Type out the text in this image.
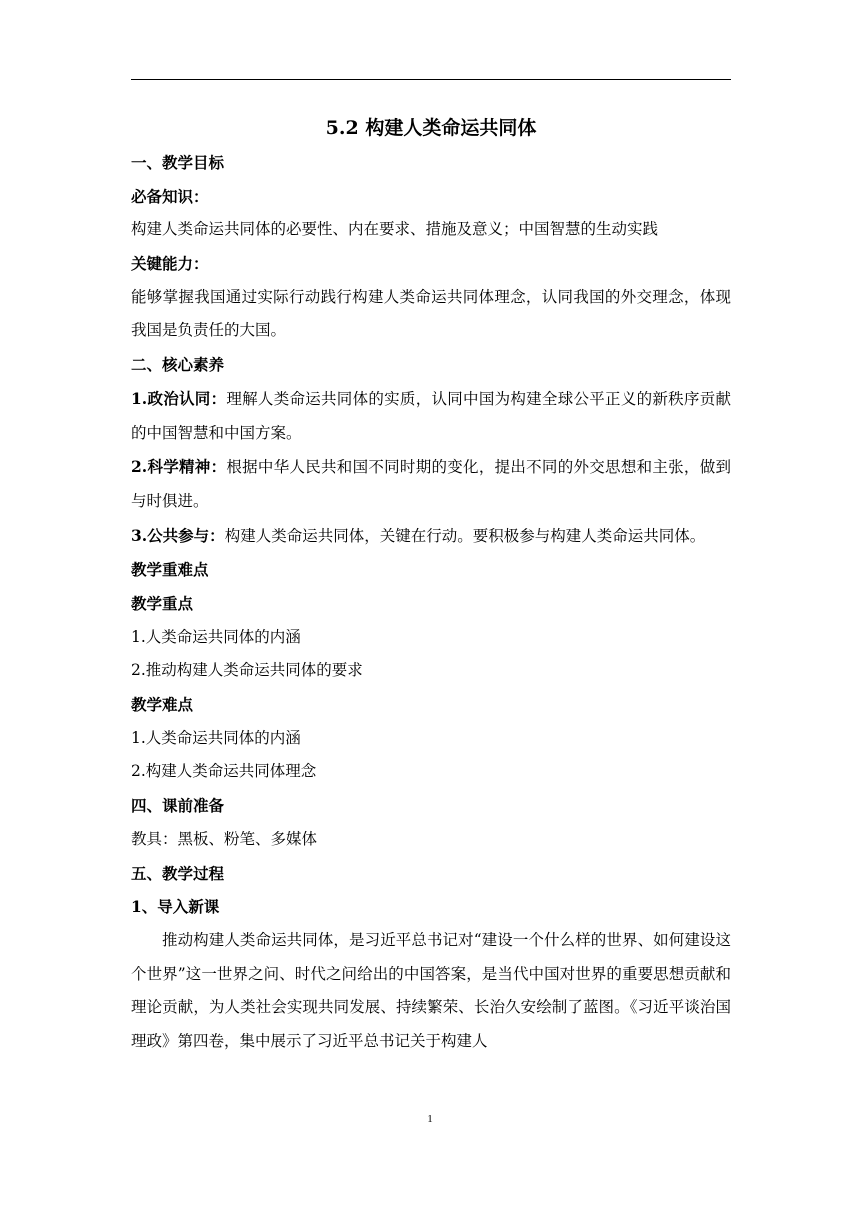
5.2 构建人类命运共同体
一、教学目标
必备知识：
构建人类命运共同体的必要性、内在要求、措施及意义；中国智慧的生动实践
关键能力：
能够掌握我国通过实际行动践行构建人类命运共同体理念，认同我国的外交理念，体现我国是负责任的大国。
二、核心素养
1.政治认同：理解人类命运共同体的实质，认同中国为构建全球公平正义的新秩序贡献的中国智慧和中国方案。
2.科学精神：根据中华人民共和国不同时期的变化，提出不同的外交思想和主张，做到与时俱进。
3.公共参与：构建人类命运共同体，关键在行动。要积极参与构建人类命运共同体。
教学重难点
教学重点
1.人类命运共同体的内涵
2.推动构建人类命运共同体的要求
教学难点
1.人类命运共同体的内涵
2.构建人类命运共同体理念
四、课前准备
教具：黑板、粉笔、多媒体
五、教学过程
1、导入新课
推动构建人类命运共同体，是习近平总书记对“建设一个什么样的世界、如何建设这个世界”这一世界之问、时代之问给出的中国答案，是当代中国对世界的重要思想贡献和理论贡献，为人类社会实现共同发展、持续繁荣、长治久安绘制了蓝图。《习近平谈治国理政》第四卷，集中展示了习近平总书记关于构建人
1
